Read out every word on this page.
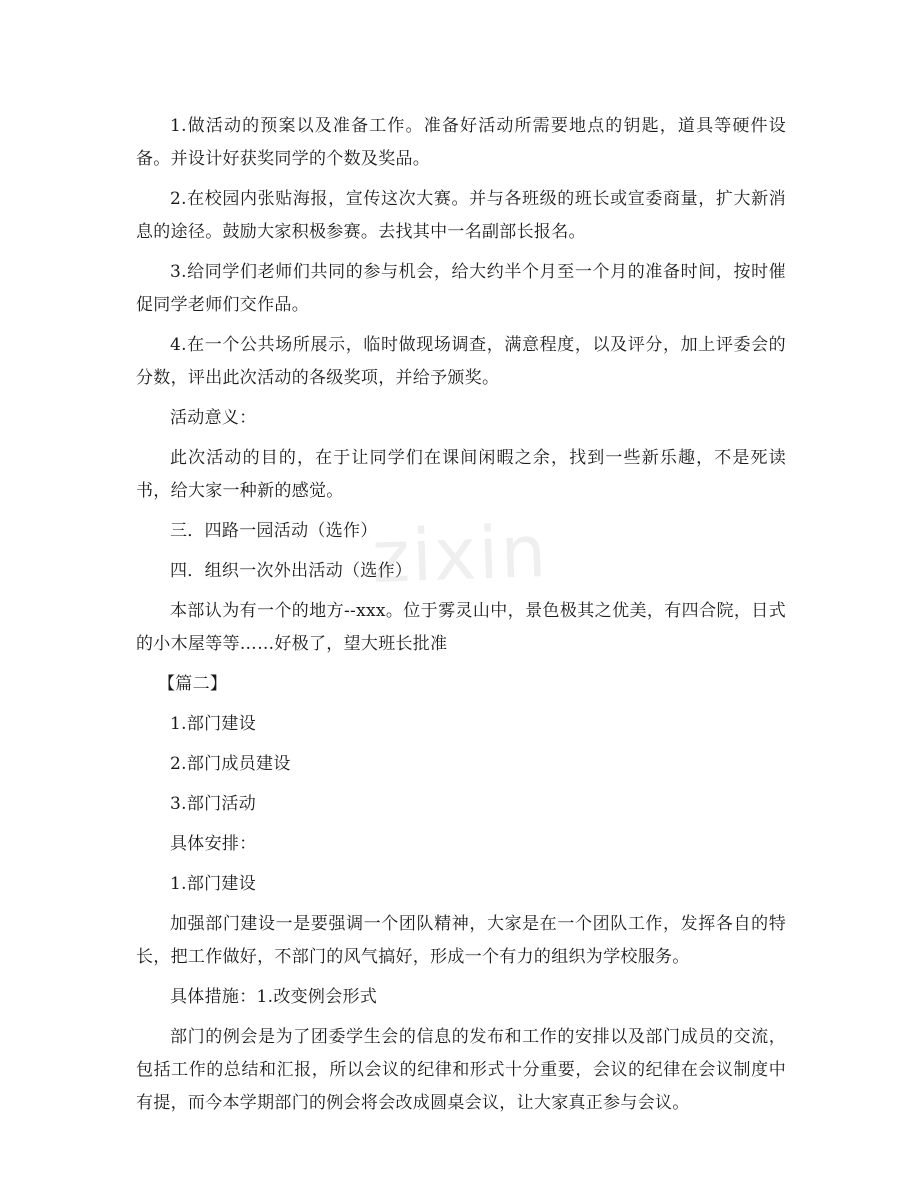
zixin

1.做活动的预案以及准备工作。准备好活动所需要地点的钥匙，道具等硬件设备。并设计好获奖同学的个数及奖品。

2.在校园内张贴海报，宣传这次大赛。并与各班级的班长或宣委商量，扩大新消息的途径。鼓励大家积极参赛。去找其中一名副部长报名。

3.给同学们老师们共同的参与机会，给大约半个月至一个月的准备时间，按时催促同学老师们交作品。

4.在一个公共场所展示，临时做现场调查，满意程度，以及评分，加上评委会的分数，评出此次活动的各级奖项，并给予颁奖。

活动意义：

此次活动的目的，在于让同学们在课间闲暇之余，找到一些新乐趣，不是死读书，给大家一种新的感觉。

三．四路一园活动（选作）

四．组织一次外出活动（选作）

本部认为有一个的地方--xxx。位于雾灵山中，景色极其之优美，有四合院，日式的小木屋等等……好极了，望大班长批准

【篇二】

1.部门建设

2.部门成员建设

3.部门活动

具体安排：

1.部门建设

加强部门建设一是要强调一个团队精神，大家是在一个团队工作，发挥各自的特长，把工作做好，不部门的风气搞好，形成一个有力的组织为学校服务。

具体措施：1.改变例会形式

部门的例会是为了团委学生会的信息的发布和工作的安排以及部门成员的交流，包括工作的总结和汇报，所以会议的纪律和形式十分重要，会议的纪律在会议制度中有提，而今本学期部门的例会将会改成圆桌会议，让大家真正参与会议。
